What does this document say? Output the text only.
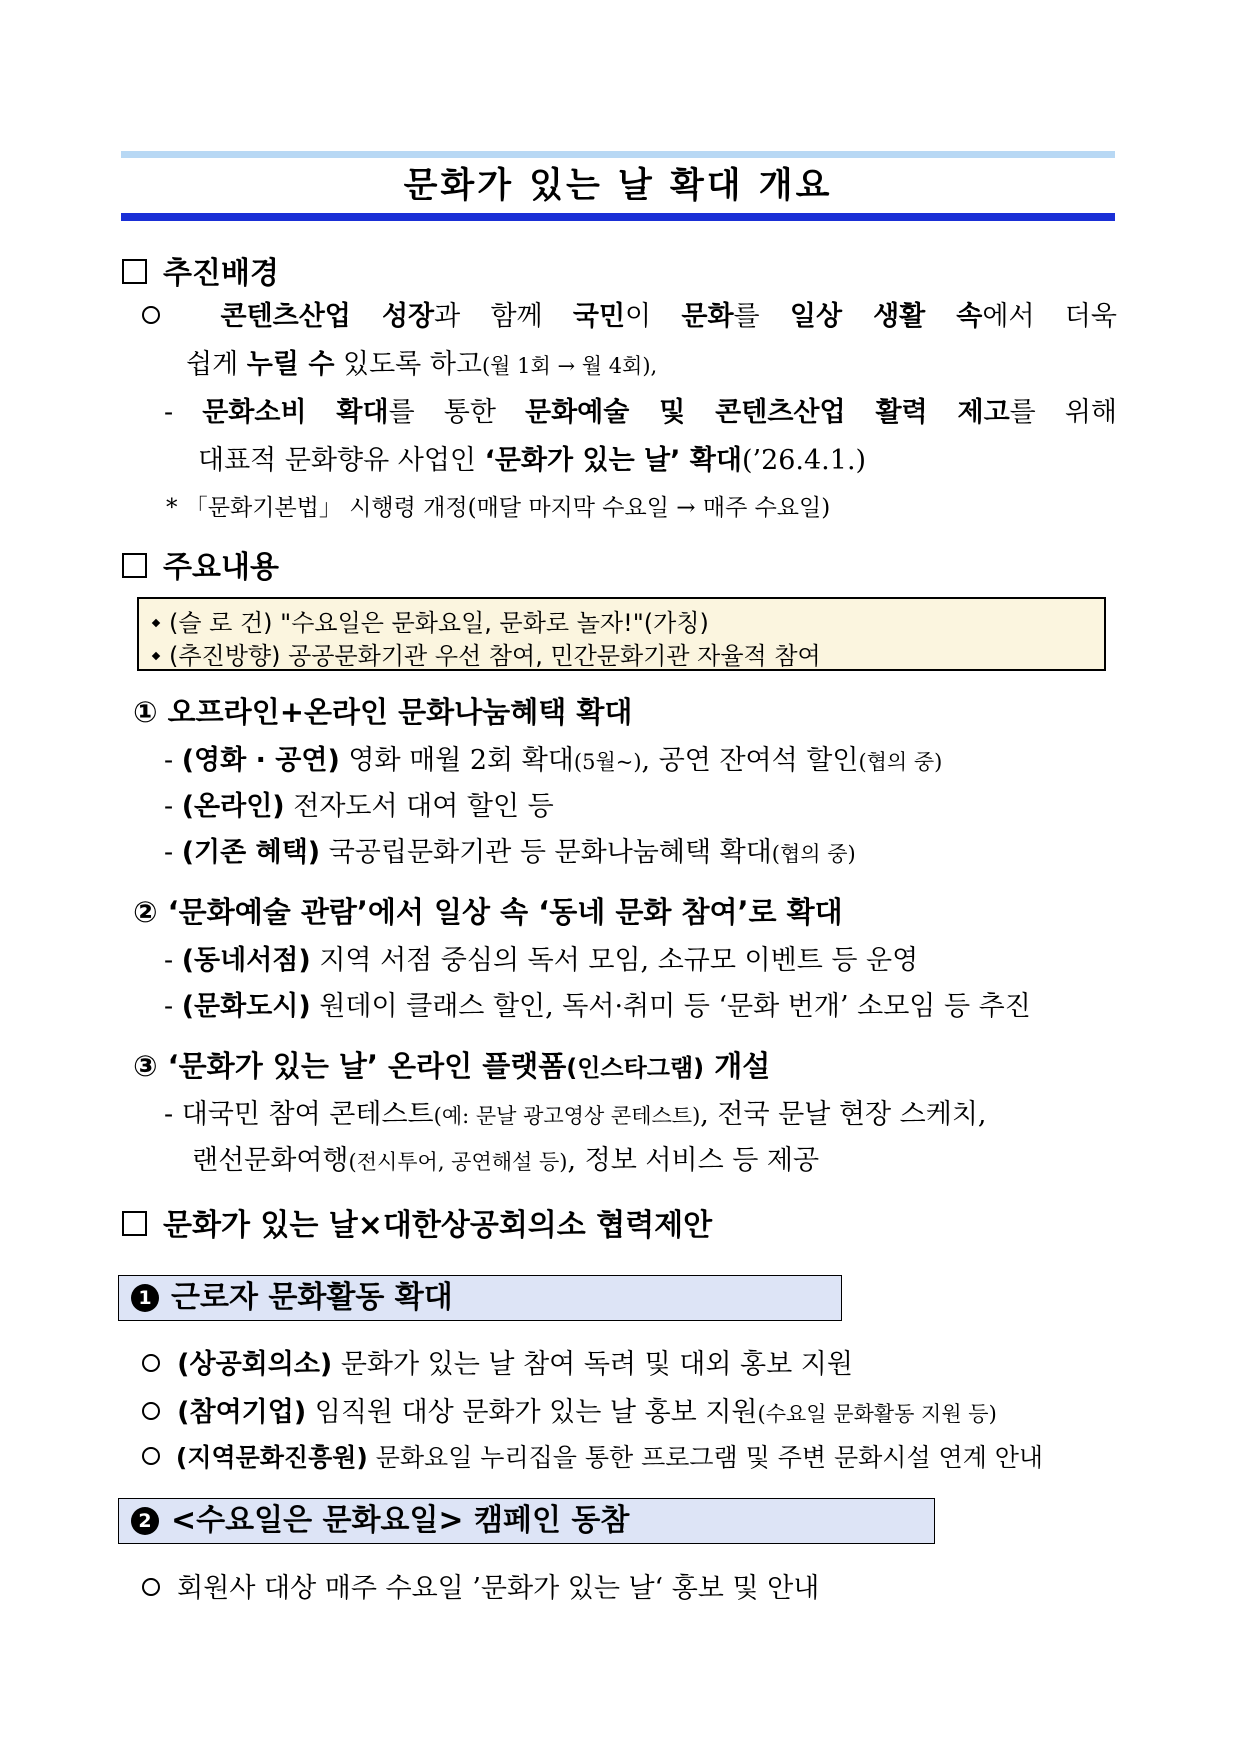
문화가 있는 날 확대 개요
추진배경
콘텐츠산업 성장과 함께 국민이 문화를 일상 생활 속에서 더욱
쉽게 누릴 수 있도록 하고(월 1회 → 월 4회),
- 문화소비 확대를 통한 문화예술 및 콘텐츠산업 활력 제고를 위해
대표적 문화향유 사업인 ‘문화가 있는 날’ 확대(’26.4.1.)
* 「문화기본법」 시행령 개정(매달 마지막 수요일 → 매주 수요일)
주요내용
(슬 로 건) "수요일은 문화요일, 문화로 놀자!"(가칭)
(추진방향) 공공문화기관 우선 참여, 민간문화기관 자율적 참여
① 오프라인+온라인 문화나눔혜택 확대
- (영화 · 공연) 영화 매월 2회 확대(5월~), 공연 잔여석 할인(협의 중)
- (온라인) 전자도서 대여 할인 등
- (기존 혜택) 국공립문화기관 등 문화나눔혜택 확대(협의 중)
② ‘문화예술 관람’에서 일상 속 ‘동네 문화 참여’로 확대
- (동네서점) 지역 서점 중심의 독서 모임, 소규모 이벤트 등 운영
- (문화도시) 원데이 클래스 할인, 독서·취미 등 ‘문화 번개’ 소모임 등 추진
③ ‘문화가 있는 날’ 온라인 플랫폼(인스타그램) 개설
- 대국민 참여 콘테스트(예: 문날 광고영상 콘테스트), 전국 문날 현장 스케치,
랜선문화여행(전시투어, 공연해설 등), 정보 서비스 등 제공
문화가 있는 날×대한상공회의소 협력제안
1 근로자 문화활동 확대
(상공회의소) 문화가 있는 날 참여 독려 및 대외 홍보 지원
(참여기업) 임직원 대상 문화가 있는 날 홍보 지원(수요일 문화활동 지원 등)
(지역문화진흥원) 문화요일 누리집을 통한 프로그램 및 주변 문화시설 연계 안내
2 <수요일은 문화요일> 캠페인 동참
회원사 대상 매주 수요일 ’문화가 있는 날‘ 홍보 및 안내
